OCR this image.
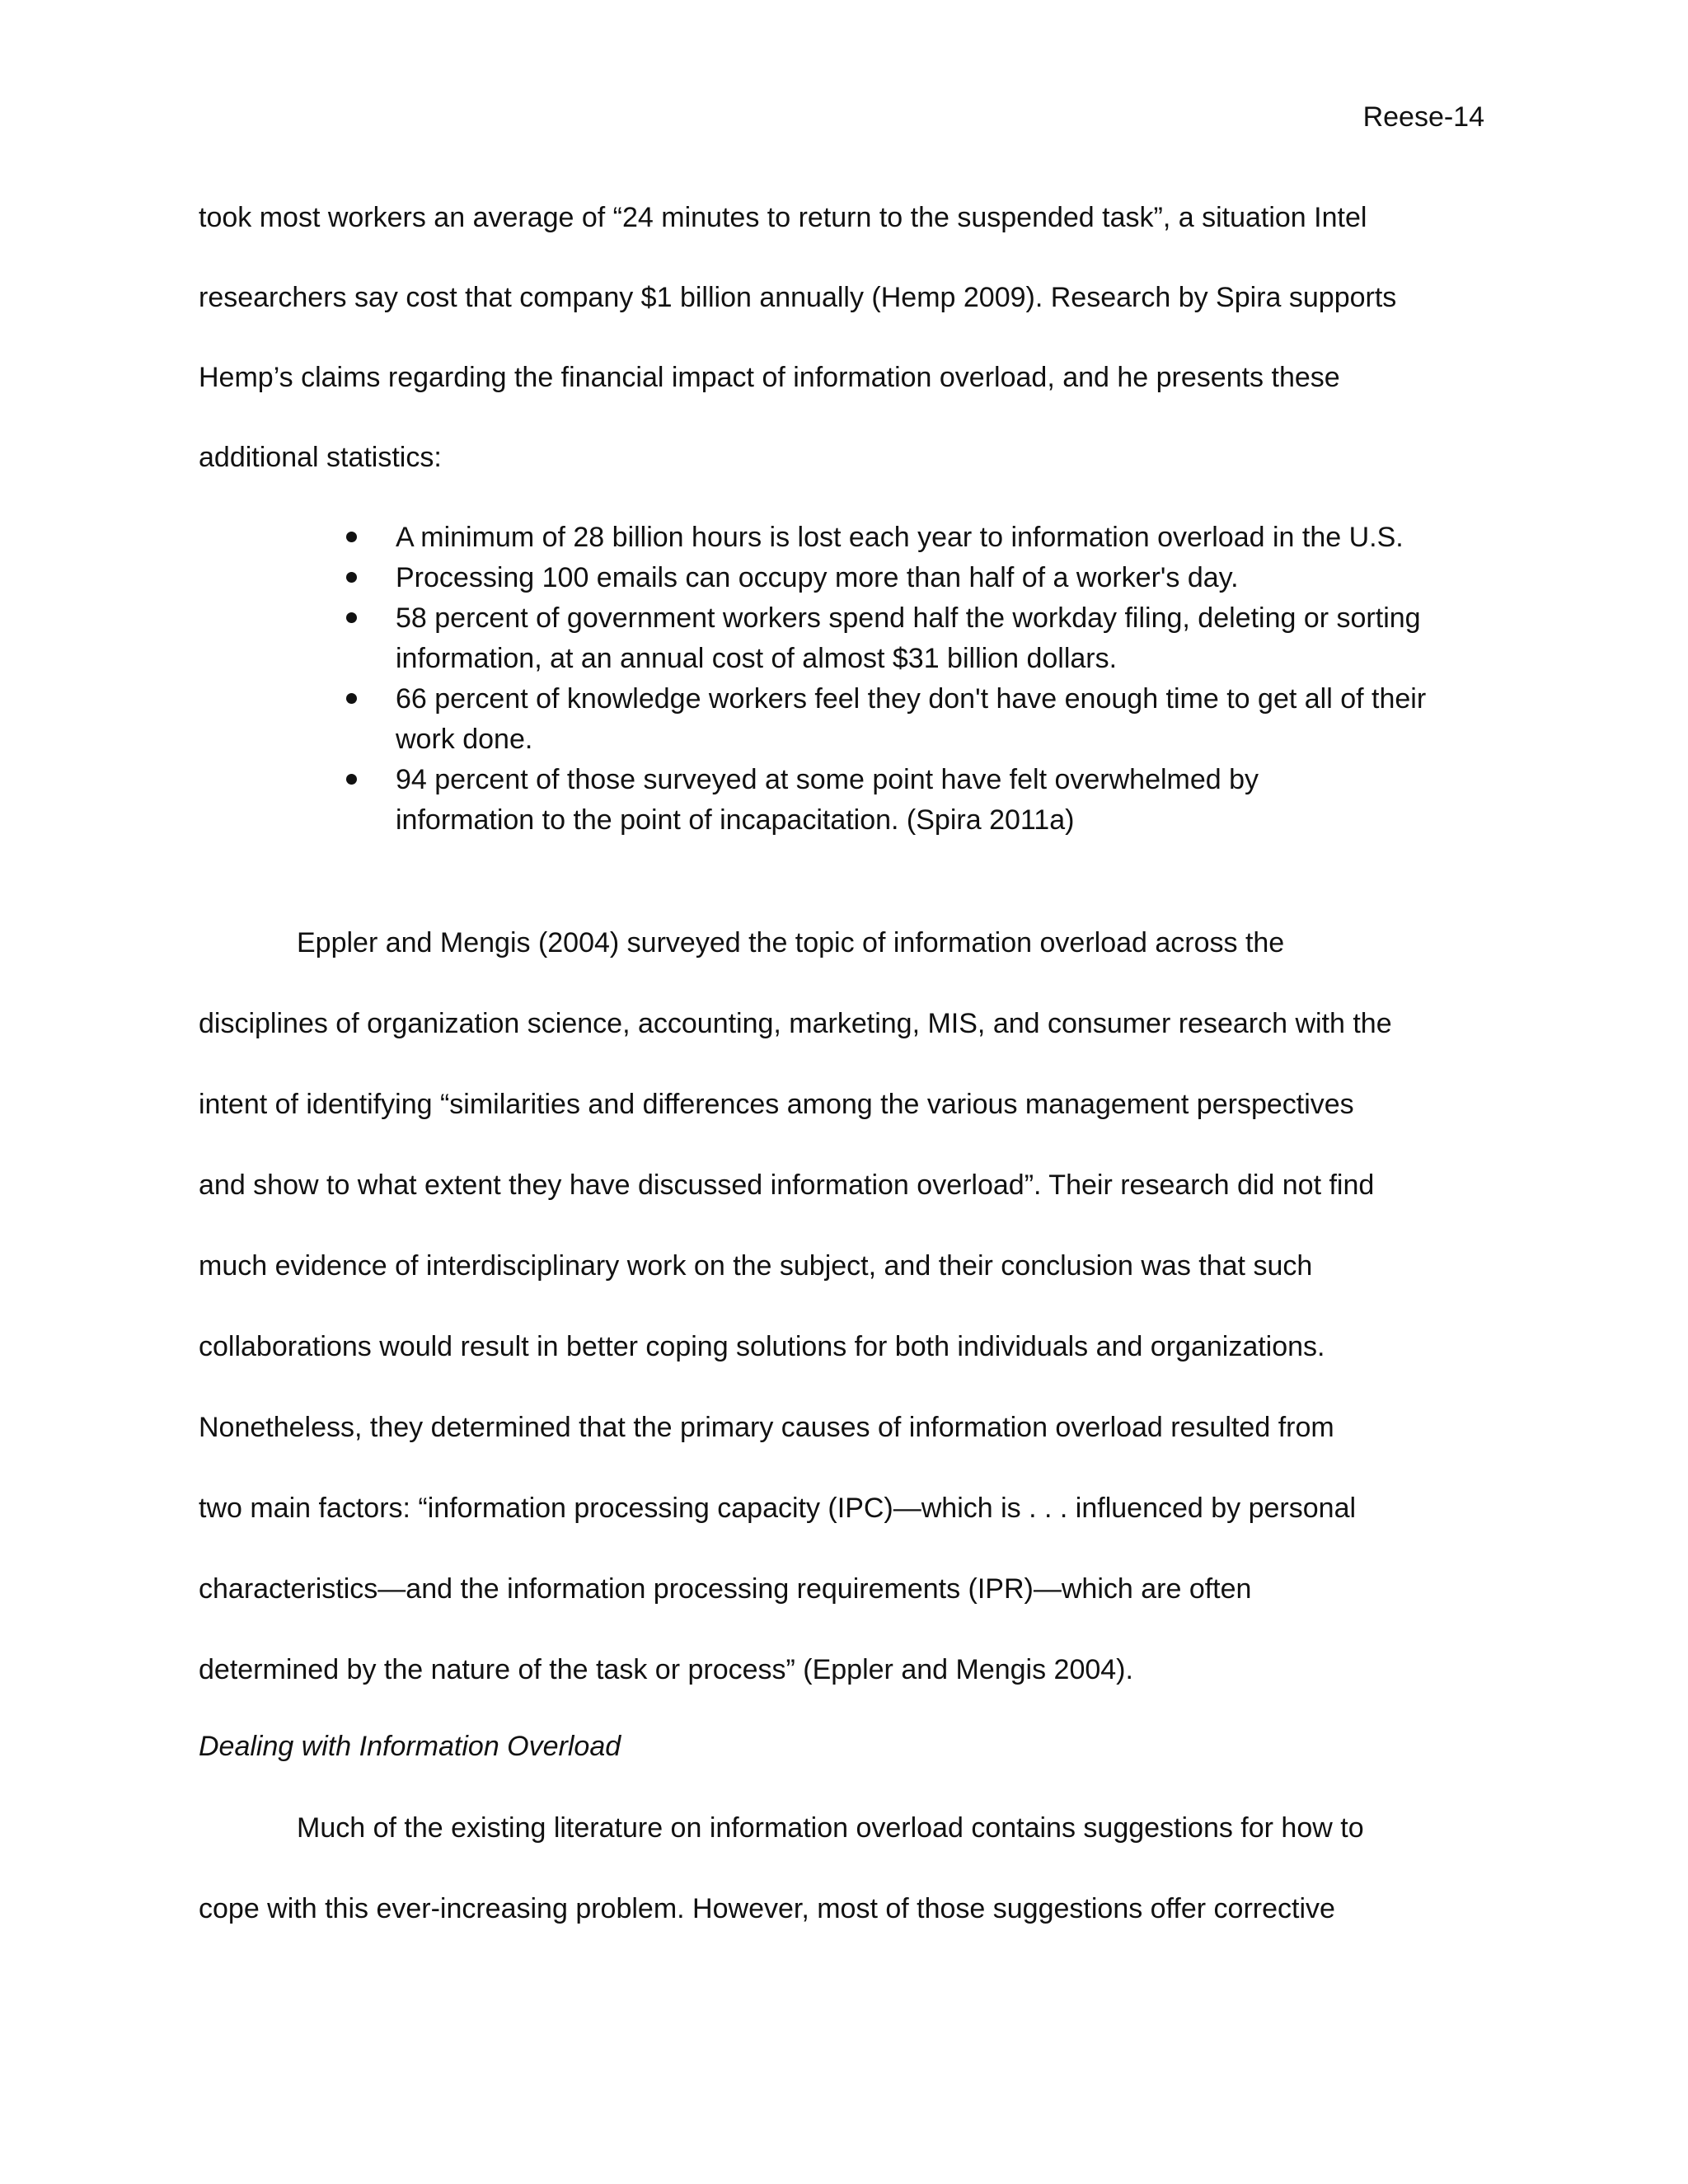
Reese-14
took most workers an average of “24 minutes to return to the suspended task”, a situation Intel
researchers say cost that company $1 billion annually (Hemp 2009). Research by Spira supports
Hemp’s claims regarding the financial impact of information overload, and he presents these
additional statistics:
A minimum of 28 billion hours is lost each year to information overload in the U.S.
Processing 100 emails can occupy more than half of a worker's day.
58 percent of government workers spend half the workday filing, deleting or sorting information, at an annual cost of almost $31 billion dollars.
66 percent of knowledge workers feel they don't have enough time to get all of their work done.
94 percent of those surveyed at some point have felt overwhelmed by information to the point of incapacitation. (Spira 2011a)
Eppler and Mengis (2004) surveyed the topic of information overload across the
disciplines of organization science, accounting, marketing, MIS, and consumer research with the
intent of identifying “similarities and differences among the various management perspectives
and show to what extent they have discussed information overload”. Their research did not find
much evidence of interdisciplinary work on the subject, and their conclusion was that such
collaborations would result in better coping solutions for both individuals and organizations.
Nonetheless, they determined that the primary causes of information overload resulted from
two main factors: “information processing capacity (IPC)—which is . . . influenced by personal
characteristics—and the information processing requirements (IPR)—which are often
determined by the nature of the task or process” (Eppler and Mengis 2004).
Dealing with Information Overload
Much of the existing literature on information overload contains suggestions for how to
cope with this ever-increasing problem. However, most of those suggestions offer corrective
